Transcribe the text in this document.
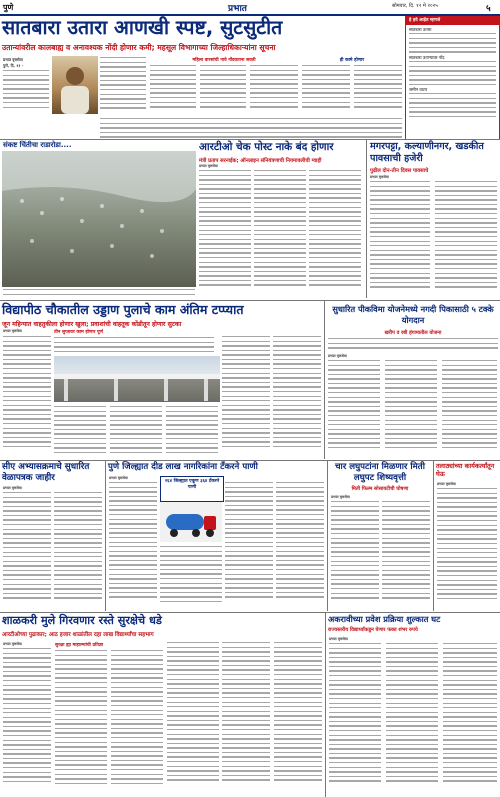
पुणे	प्रभात	सोमवार, दि. १२ मे २०२५	५
सातबारा उतारा आणखी स्पष्ट, सुटसुटीत
उतान्यांवरील कालबाह्य व अनावश्यक नोंदी होणार कमी; महसूल विभागाच्या जिल्हाधिकाऱ्यांना सूचना
हे हवे आहेत म्हणजे
सातबारा उतारा
सातबारा उताऱ्यावर नोंद
जमीन वाटप
प्रभात वृत्तसेवा
पुणे, दि. ११ -
महिला वारसांची नावे नोंदवताना सवती	ही कामे होणार
संकष्ट चिंतीचा राडारोडा....	आरटीओ चेक पोस्ट नाके बंद होणार
मंत्री प्रताप सरनाईक; ऑनलाइन संनियंत्रणाची नियमावलीची ग्वाही
प्रभात वृत्तसेवा
मगरपट्टा, कल्याणीनगर, खडकीत पावसाची हजेरी
पुढील दोन-तीन दिवस पावसाचे
प्रभात वृत्तसेवा
विद्यापीठ चौकातील उड्डाण पुलाचे काम अंतिम टप्प्यात
जून महिन्यात वाहतुकीला होणार खुला; प्रवाशांची वाहतूक कोंडीतून होणार सुटका
प्रभात वृत्तसेवा	तीन लुप्तावर काम होणार पूर्ण
सुधारित पीकविमा योजनेमध्ये नगदी पिकासाठी ५ टक्के योगदान
खरीप व रबी हंगामातील योजना
प्रभात वृत्तसेवा
सीए अभ्यासक्रमाचे सुधारित वेळापत्रक जाहीर
प्रभात वृत्तसेवा
पुणे जिल्ह्यात दीड लाख नागरिकांना टँकरने पाणी
प्रभात वृत्तसेवा
२६४ जिल्ह्यात एकूण ३६४ टँकरने पाणी
चार लघुपटांना मिळणार मिती लघुपट शिष्यवृत्ती
मिती फिल्म सोसायटीची घोषणा
प्रभात वृत्तसेवा
तलाठ्यांच्या कार्यकर्त्यांतून घेऊ
प्रभात वृत्तसेवा
शाळकरी मुले गिरवणार रस्ते सुरक्षेचे धडे
आरटीओच्या पुढाकार; आठ हजार शाळांतील दहा लाख विद्यार्थ्यांचा सहभाग
प्रभात वृत्तसेवा	सुरक्षा ह्या माहात्म्यांची प्रतिज्ञा
अकरावीच्या प्रवेश प्रक्रिया शुल्कात घट
राज्यस्तरीय विद्यार्थ्यांकडून घेणार फक्त शंभर रुपये
प्रभात वृत्तसेवा
